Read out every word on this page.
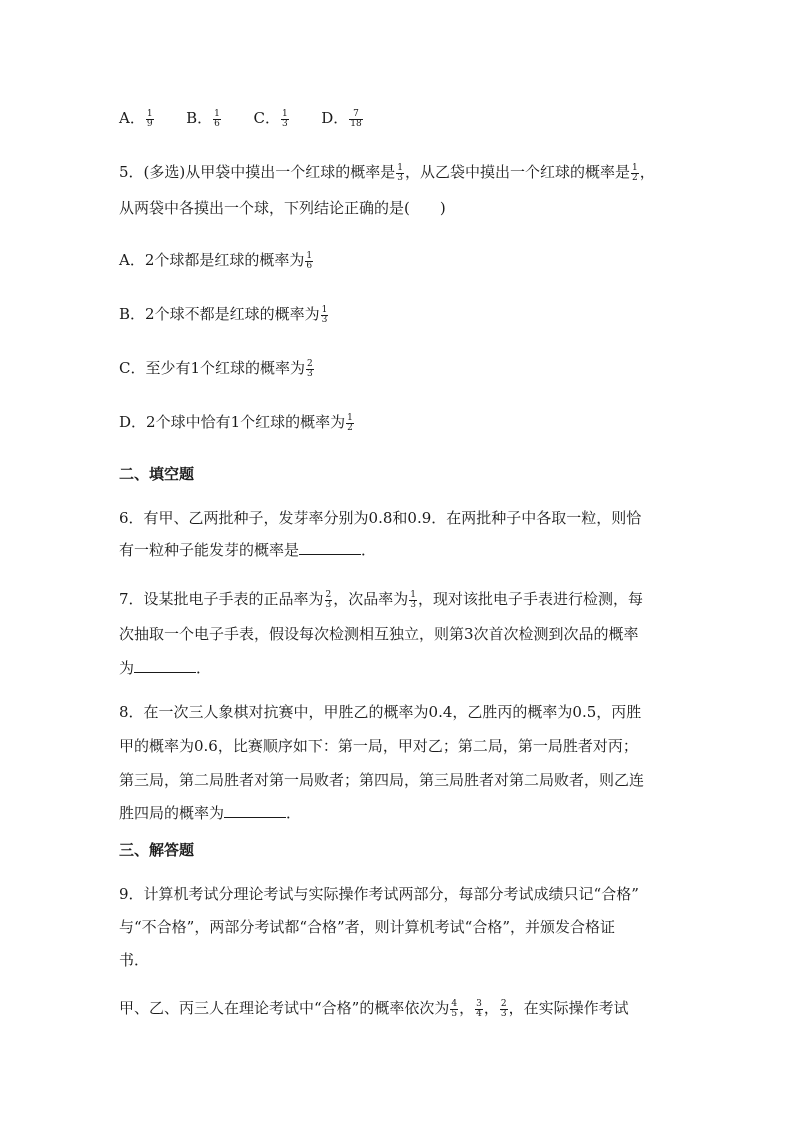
A． $\frac{1}{9}$ B． $\frac{1}{6}$ C． $\frac{1}{3}$ D． $\frac{7}{18}$
5．(多选)从甲袋中摸出一个红球的概率是 $\frac{1}{3}$ ，从乙袋中摸出一个红球的概率是 $\frac{1}{2}$ ，
从两袋中各摸出一个球，下列结论正确的是(　　)
A．2个球都是红球的概率为 $\frac{1}{6}$
B．2个球不都是红球的概率为 $\frac{1}{3}$
C．至少有1个红球的概率为 $\frac{2}{3}$
D．2个球中恰有1个红球的概率为 $\frac{1}{2}$
二、填空题
6．有甲、乙两批种子，发芽率分别为0.8和0.9．在两批种子中各取一粒，则恰
有一粒种子能发芽的概率是	．
7．设某批电子手表的正品率为 $\frac{2}{3}$ ，次品率为 $\frac{1}{3}$ ，现对该批电子手表进行检测，每
次抽取一个电子手表，假设每次检测相互独立，则第3次首次检测到次品的概率
为	．
8．在一次三人象棋对抗赛中，甲胜乙的概率为0.4，乙胜丙的概率为0.5，丙胜
甲的概率为0.6，比赛顺序如下：第一局，甲对乙；第二局，第一局胜者对丙；
第三局，第二局胜者对第一局败者；第四局，第三局胜者对第二局败者，则乙连
胜四局的概率为	．
三、解答题
9．计算机考试分理论考试与实际操作考试两部分，每部分考试成绩只记“合格”
与“不合格”，两部分考试都“合格”者，则计算机考试“合格”，并颁发合格证
书．
甲、乙、丙三人在理论考试中“合格”的概率依次为 $\frac{4}{5}$ ， $\frac{3}{4}$ ， $\frac{2}{3}$ ，在实际操作考试
